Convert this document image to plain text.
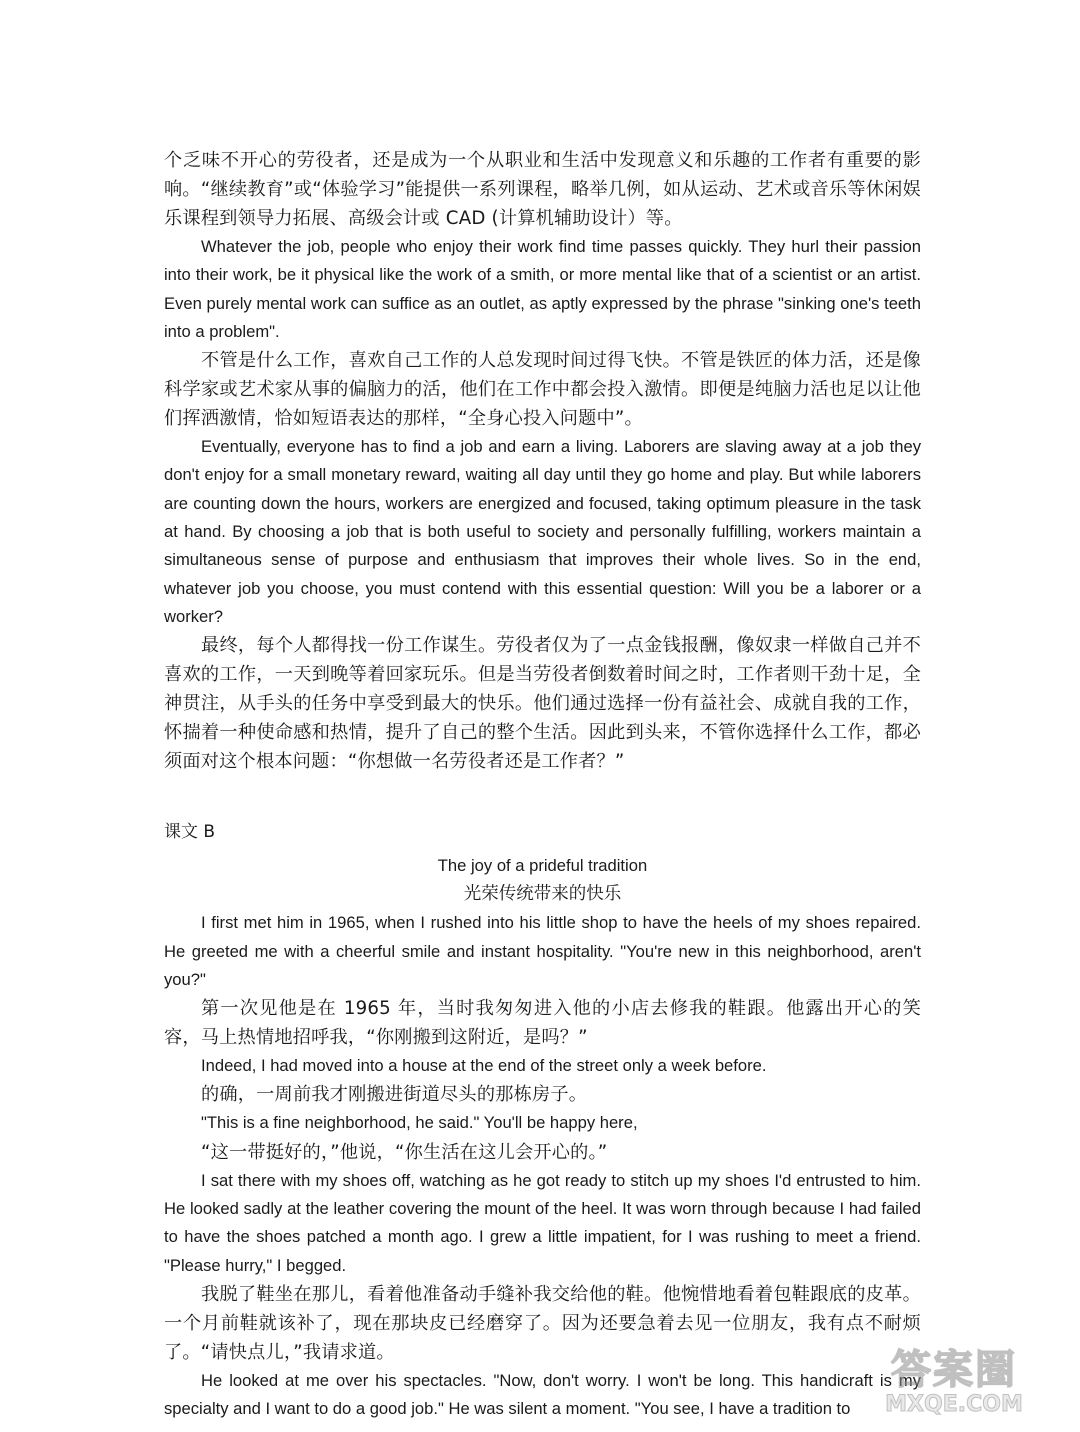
个乏味不开心的劳役者，还是成为一个从职业和生活中发现意义和乐趣的工作者有重要的影响。“继续教育”或“体验学习”能提供一系列课程，略举几例，如从运动、艺术或音乐等休闲娱乐课程到领导力拓展、高级会计或 CAD (计算机辅助设计）等。

Whatever the job, people who enjoy their work find time passes quickly. They hurl their passion into their work, be it physical like the work of a smith, or more mental like that of a scientist or an artist. Even purely mental work can suffice as an outlet, as aptly expressed by the phrase "sinking one's teeth into a problem".

不管是什么工作，喜欢自己工作的人总发现时间过得飞快。不管是铁匠的体力活，还是像科学家或艺术家从事的偏脑力的活，他们在工作中都会投入激情。即便是纯脑力活也足以让他们挥洒激情，恰如短语表达的那样，“全身心投入问题中”。

Eventually, everyone has to find a job and earn a living. Laborers are slaving away at a job they don't enjoy for a small monetary reward, waiting all day until they go home and play. But while laborers are counting down the hours, workers are energized and focused, taking optimum pleasure in the task at hand. By choosing a job that is both useful to society and personally fulfilling, workers maintain a simultaneous sense of purpose and enthusiasm that improves their whole lives. So in the end, whatever job you choose, you must contend with this essential question: Will you be a laborer or a worker?

最终，每个人都得找一份工作谋生。劳役者仅为了一点金钱报酬，像奴隶一样做自己并不喜欢的工作，一天到晚等着回家玩乐。但是当劳役者倒数着时间之时，工作者则干劲十足，全神贯注，从手头的任务中享受到最大的快乐。他们通过选择一份有益社会、成就自我的工作，怀揣着一种使命感和热情，提升了自己的整个生活。因此到头来，不管你选择什么工作，都必须面对这个根本问题：“你想做一名劳役者还是工作者？”

课文 B

The joy of a prideful tradition

光荣传统带来的快乐

I first met him in 1965, when I rushed into his little shop to have the heels of my shoes repaired. He greeted me with a cheerful smile and instant hospitality. "You're new in this neighborhood, aren't you?"

第一次见他是在 1965 年，当时我匆匆进入他的小店去修我的鞋跟。他露出开心的笑容，马上热情地招呼我，“你刚搬到这附近，是吗？”

Indeed, I had moved into a house at the end of the street only a week before.

的确，一周前我才刚搬进街道尽头的那栋房子。

"This is a fine neighborhood, he said." You'll be happy here,

“这一带挺好的，”他说，“你生活在这儿会开心的。”

I sat there with my shoes off, watching as he got ready to stitch up my shoes I'd entrusted to him. He looked sadly at the leather covering the mount of the heel. It was worn through because I had failed to have the shoes patched a month ago. I grew a little impatient, for I was rushing to meet a friend. "Please hurry," I begged.

我脱了鞋坐在那儿，看着他准备动手缝补我交给他的鞋。他惋惜地看着包鞋跟底的皮革。一个月前鞋就该补了，现在那块皮已经磨穿了。因为还要急着去见一位朋友，我有点不耐烦了。“请快点儿，”我请求道。

He looked at me over his spectacles. "Now, don't worry. I won't be long. This handicraft is my specialty and I want to do a good job." He was silent a moment. "You see, I have a tradition to

答案圈
MXQE.COM
